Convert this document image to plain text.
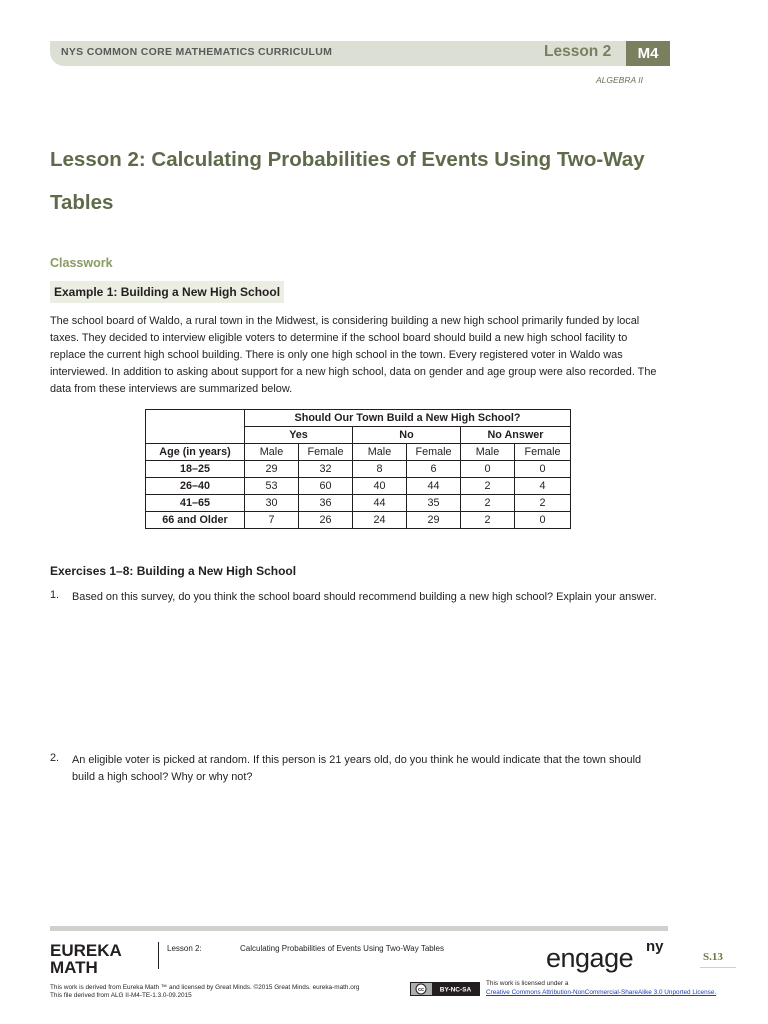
NYS COMMON CORE MATHEMATICS CURRICULUM	Lesson 2	M4
ALGEBRA II
Lesson 2: Calculating Probabilities of Events Using Two-Way
Tables
Classwork
Example 1: Building a New High School

The school board of Waldo, a rural town in the Midwest, is considering building a new high school primarily funded by local taxes. They decided to interview eligible voters to determine if the school board should build a new high school facility to replace the current high school building. There is only one high school in the town. Every registered voter in Waldo was interviewed. In addition to asking about support for a new high school, data on gender and age group were also recorded. The data from these interviews are summarized below.

	Should Our Town Build a New High School?					
	Yes		No		No Answer	
Age (in years)	Male	Female	Male	Female	Male	Female
18–25	29	32	8	6	0	0
26–40	53	60	40	44	2	4
41–65	30	36	44	35	2	2
66 and Older	7	26	24	29	2	0
Exercises 1–8: Building a New High School
1. Based on this survey, do you think the school board should recommend building a new high school? Explain your answer.

2. An eligible voter is picked at random. If this person is 21 years old, do you think he would indicate that the town should build a high school? Why or why not?

EUREKA
MATH
Lesson 2:	Calculating Probabilities of Events Using Two-Way Tables	engage ny
S.13
This work is derived from Eureka Math ™ and licensed by Great Minds. ©2015 Great Minds. eureka-math.org
This file derived from ALG II-M4-TE-1.3.0-09.2015
cc BY-NC-SA
This work is licensed under a
Creative Commons Attribution-NonCommercial-ShareAlike 3.0 Unported License.
